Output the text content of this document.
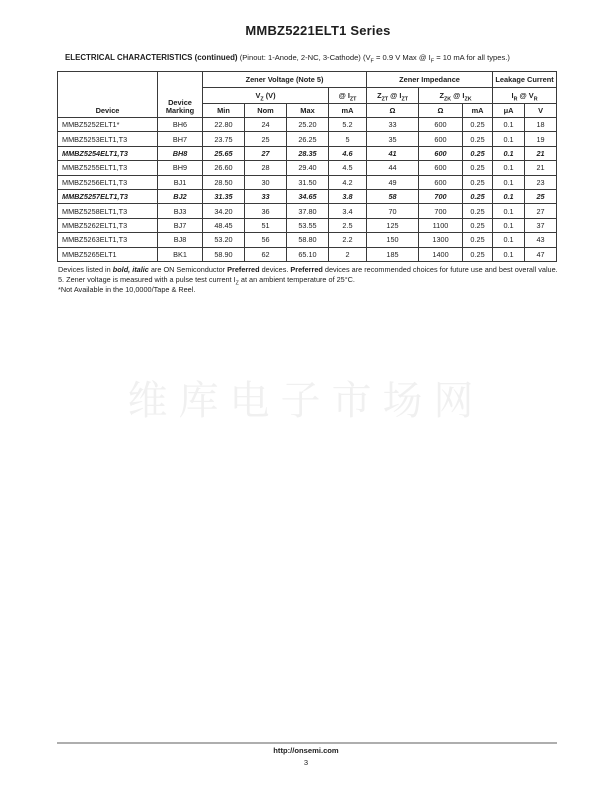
MMBZ5221ELT1 Series
ELECTRICAL CHARACTERISTICS (continued) (Pinout: 1-Anode, 2-NC, 3-Cathode) ($V_F = 0.9$ V Max @ $I_F = 10$ mA for all types.)
Device	Device Marking	Zener Voltage (Note 5)				Zener Impedance			Leakage Current	
		$V_Z$ (V)			@ $I_{ZT}$	$Z_{ZT}$ @ $I_{ZT}$	$Z_{ZK}$ @ $I_{ZK}$		$I_R$ @ $V_R$
		Min	Nom	Max	mA	Ω	Ω	mA	μA	V
MMBZ5252ELT1*	BH6	22.80	24	25.20	5.2	33	600	0.25	0.1	18
MMBZ5253ELT1,T3	BH7	23.75	25	26.25	5	35	600	0.25	0.1	19
MMBZ5254ELT1,T3	BH8	25.65	27	28.35	4.6	41	600	0.25	0.1	21
MMBZ5255ELT1,T3	BH9	26.60	28	29.40	4.5	44	600	0.25	0.1	21
MMBZ5256ELT1,T3	BJ1	28.50	30	31.50	4.2	49	600	0.25	0.1	23
MMBZ5257ELT1,T3	BJ2	31.35	33	34.65	3.8	58	700	0.25	0.1	25
MMBZ5258ELT1,T3	BJ3	34.20	36	37.80	3.4	70	700	0.25	0.1	27
MMBZ5262ELT1,T3	BJ7	48.45	51	53.55	2.5	125	1100	0.25	0.1	37
MMBZ5263ELT1,T3	BJ8	53.20	56	58.80	2.2	150	1300	0.25	0.1	43
MMBZ5265ELT1	BK1	58.90	62	65.10	2	185	1400	0.25	0.1	47
Devices listed in bold, italic are ON Semiconductor Preferred devices. Preferred devices are recommended choices for future use and best overall value.
5. Zener voltage is measured with a pulse test current $I_Z$ at an ambient temperature of 25°C.
*Not Available in the 10,0000/Tape & Reel.
维库电子市场网
http://onsemi.com
3
